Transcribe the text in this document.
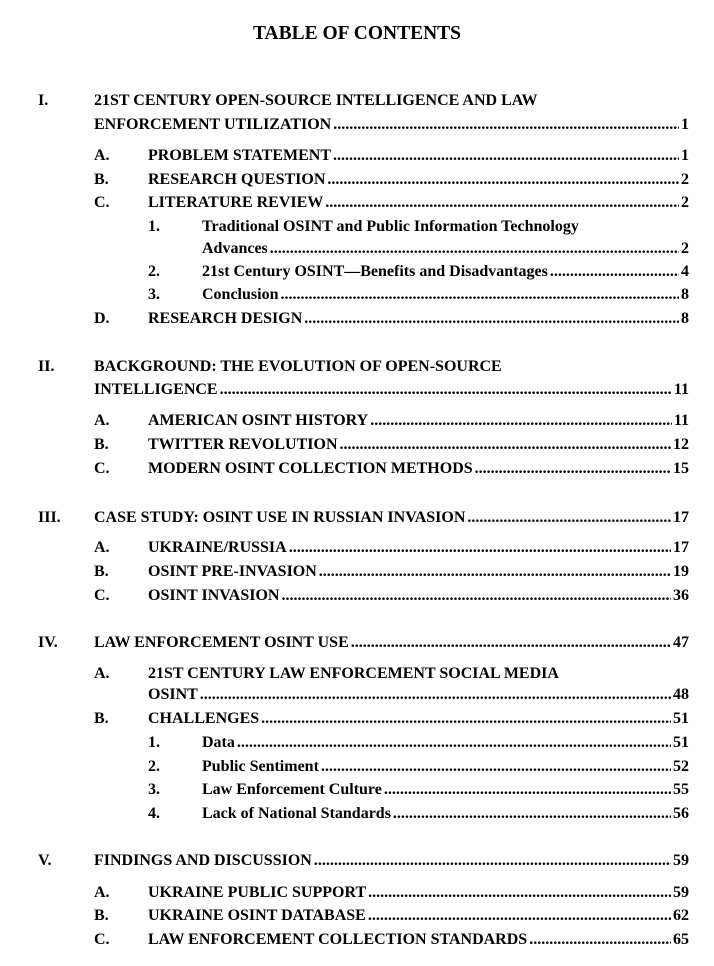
TABLE OF CONTENTS
I.	21ST CENTURY OPEN-SOURCE INTELLIGENCE AND LAW
ENFORCEMENT UTILIZATION .....	1
A. PROBLEM STATEMENT .....	1
B. RESEARCH QUESTION .....	2
C. LITERATURE REVIEW .....	2
1.	Traditional OSINT and Public Information Technology
Advances .....	2
2.	21st Century OSINT—Benefits and Disadvantages .....	4
3.	Conclusion .....	8
D. RESEARCH DESIGN .....	8
II. BACKGROUND: THE EVOLUTION OF OPEN-SOURCE
INTELLIGENCE .....	11
A. AMERICAN OSINT HISTORY .....	11
B. TWITTER REVOLUTION .....	12
C. MODERN OSINT COLLECTION METHODS .....	15
III. CASE STUDY: OSINT USE IN RUSSIAN INVASION .....	17
A. UKRAINE/RUSSIA .....	17
B. OSINT PRE-INVASION .....	19
C. OSINT INVASION .....	36
IV. LAW ENFORCEMENT OSINT USE .....	47
A. 21ST CENTURY LAW ENFORCEMENT SOCIAL MEDIA
OSINT .....	48
B. CHALLENGES .....	51
1.	Data .....	51
2.	Public Sentiment .....	52
3.	Law Enforcement Culture .....	55
4.	Lack of National Standards .....	56
V.	FINDINGS AND DISCUSSION .....	59
A. UKRAINE PUBLIC SUPPORT .....	59
B. UKRAINE OSINT DATABASE .....	62
C. LAW ENFORCEMENT COLLECTION STANDARDS .....	65
